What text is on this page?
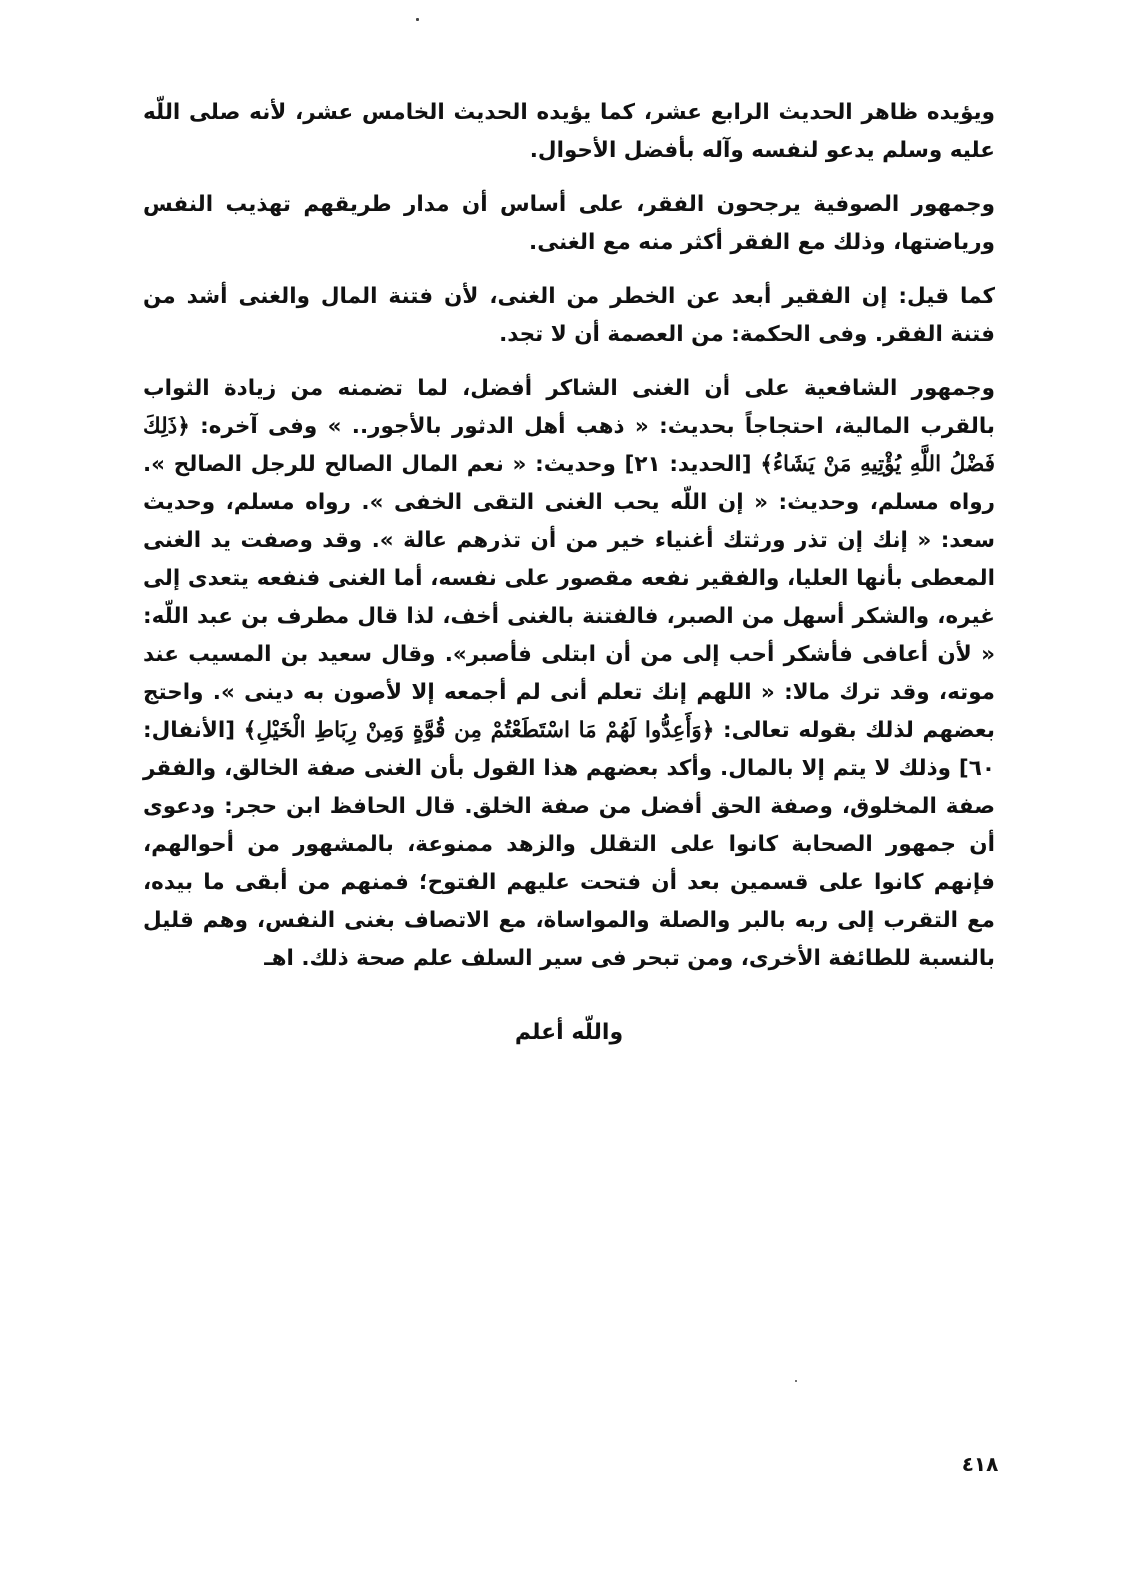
ويؤيده ظاهر الحديث الرابع عشر، كما يؤيده الحديث الخامس عشر، لأنه صلى اللّه عليه وسلم يدعو لنفسه وآله بأفضل الأحوال.

وجمهور الصوفية يرجحون الفقر، على أساس أن مدار طريقهم تهذيب النفس ورياضتها، وذلك مع الفقر أكثر منه مع الغنى.

كما قيل: إن الفقير أبعد عن الخطر من الغنى، لأن فتنة المال والغنى أشد من فتنة الفقر. وفى الحكمة: من العصمة أن لا تجد.

وجمهور الشافعية على أن الغنى الشاكر أفضل، لما تضمنه من زيادة الثواب بالقرب المالية، احتجاجاً بحديث: « ذهب أهل الدثور بالأجور.. » وفى آخره: ﴿ذَلِكَ فَضْلُ اللَّهِ يُؤْتِيهِ مَنْ يَشَاءُ﴾ [الحديد: ٢١] وحديث: « نعم المال الصالح للرجل الصالح ». رواه مسلم، وحديث: « إن اللّه يحب الغنى التقى الخفى ». رواه مسلم، وحديث سعد: « إنك إن تذر ورثتك أغنياء خير من أن تذرهم عالة ». وقد وصفت يد الغنى المعطى بأنها العليا، والفقير نفعه مقصور على نفسه، أما الغنى فنفعه يتعدى إلى غيره، والشكر أسهل من الصبر، فالفتنة بالغنى أخف، لذا قال مطرف بن عبد اللّه: « لأن أعافى فأشكر أحب إلى من أن ابتلى فأصبر». وقال سعيد بن المسيب عند موته، وقد ترك مالا: « اللهم إنك تعلم أنى لم أجمعه إلا لأصون به دينى ». واحتج بعضهم لذلك بقوله تعالى: ﴿وَأَعِدُّوا لَهُمْ مَا اسْتَطَعْتُمْ مِن قُوَّةٍ وَمِنْ رِبَاطِ الْخَيْلِ﴾ [الأنفال: ٦٠] وذلك لا يتم إلا بالمال. وأكد بعضهم هذا القول بأن الغنى صفة الخالق، والفقر صفة المخلوق، وصفة الحق أفضل من صفة الخلق. قال الحافظ ابن حجر: ودعوى أن جمهور الصحابة كانوا على التقلل والزهد ممنوعة، بالمشهور من أحوالهم، فإنهم كانوا على قسمين بعد أن فتحت عليهم الفتوح؛ فمنهم من أبقى ما بيده، مع التقرب إلى ربه بالبر والصلة والمواساة، مع الاتصاف بغنى النفس، وهم قليل بالنسبة للطائفة الأخرى، ومن تبحر فى سير السلف علم صحة ذلك. اهـ

واللّه أعلم
٤١٨
